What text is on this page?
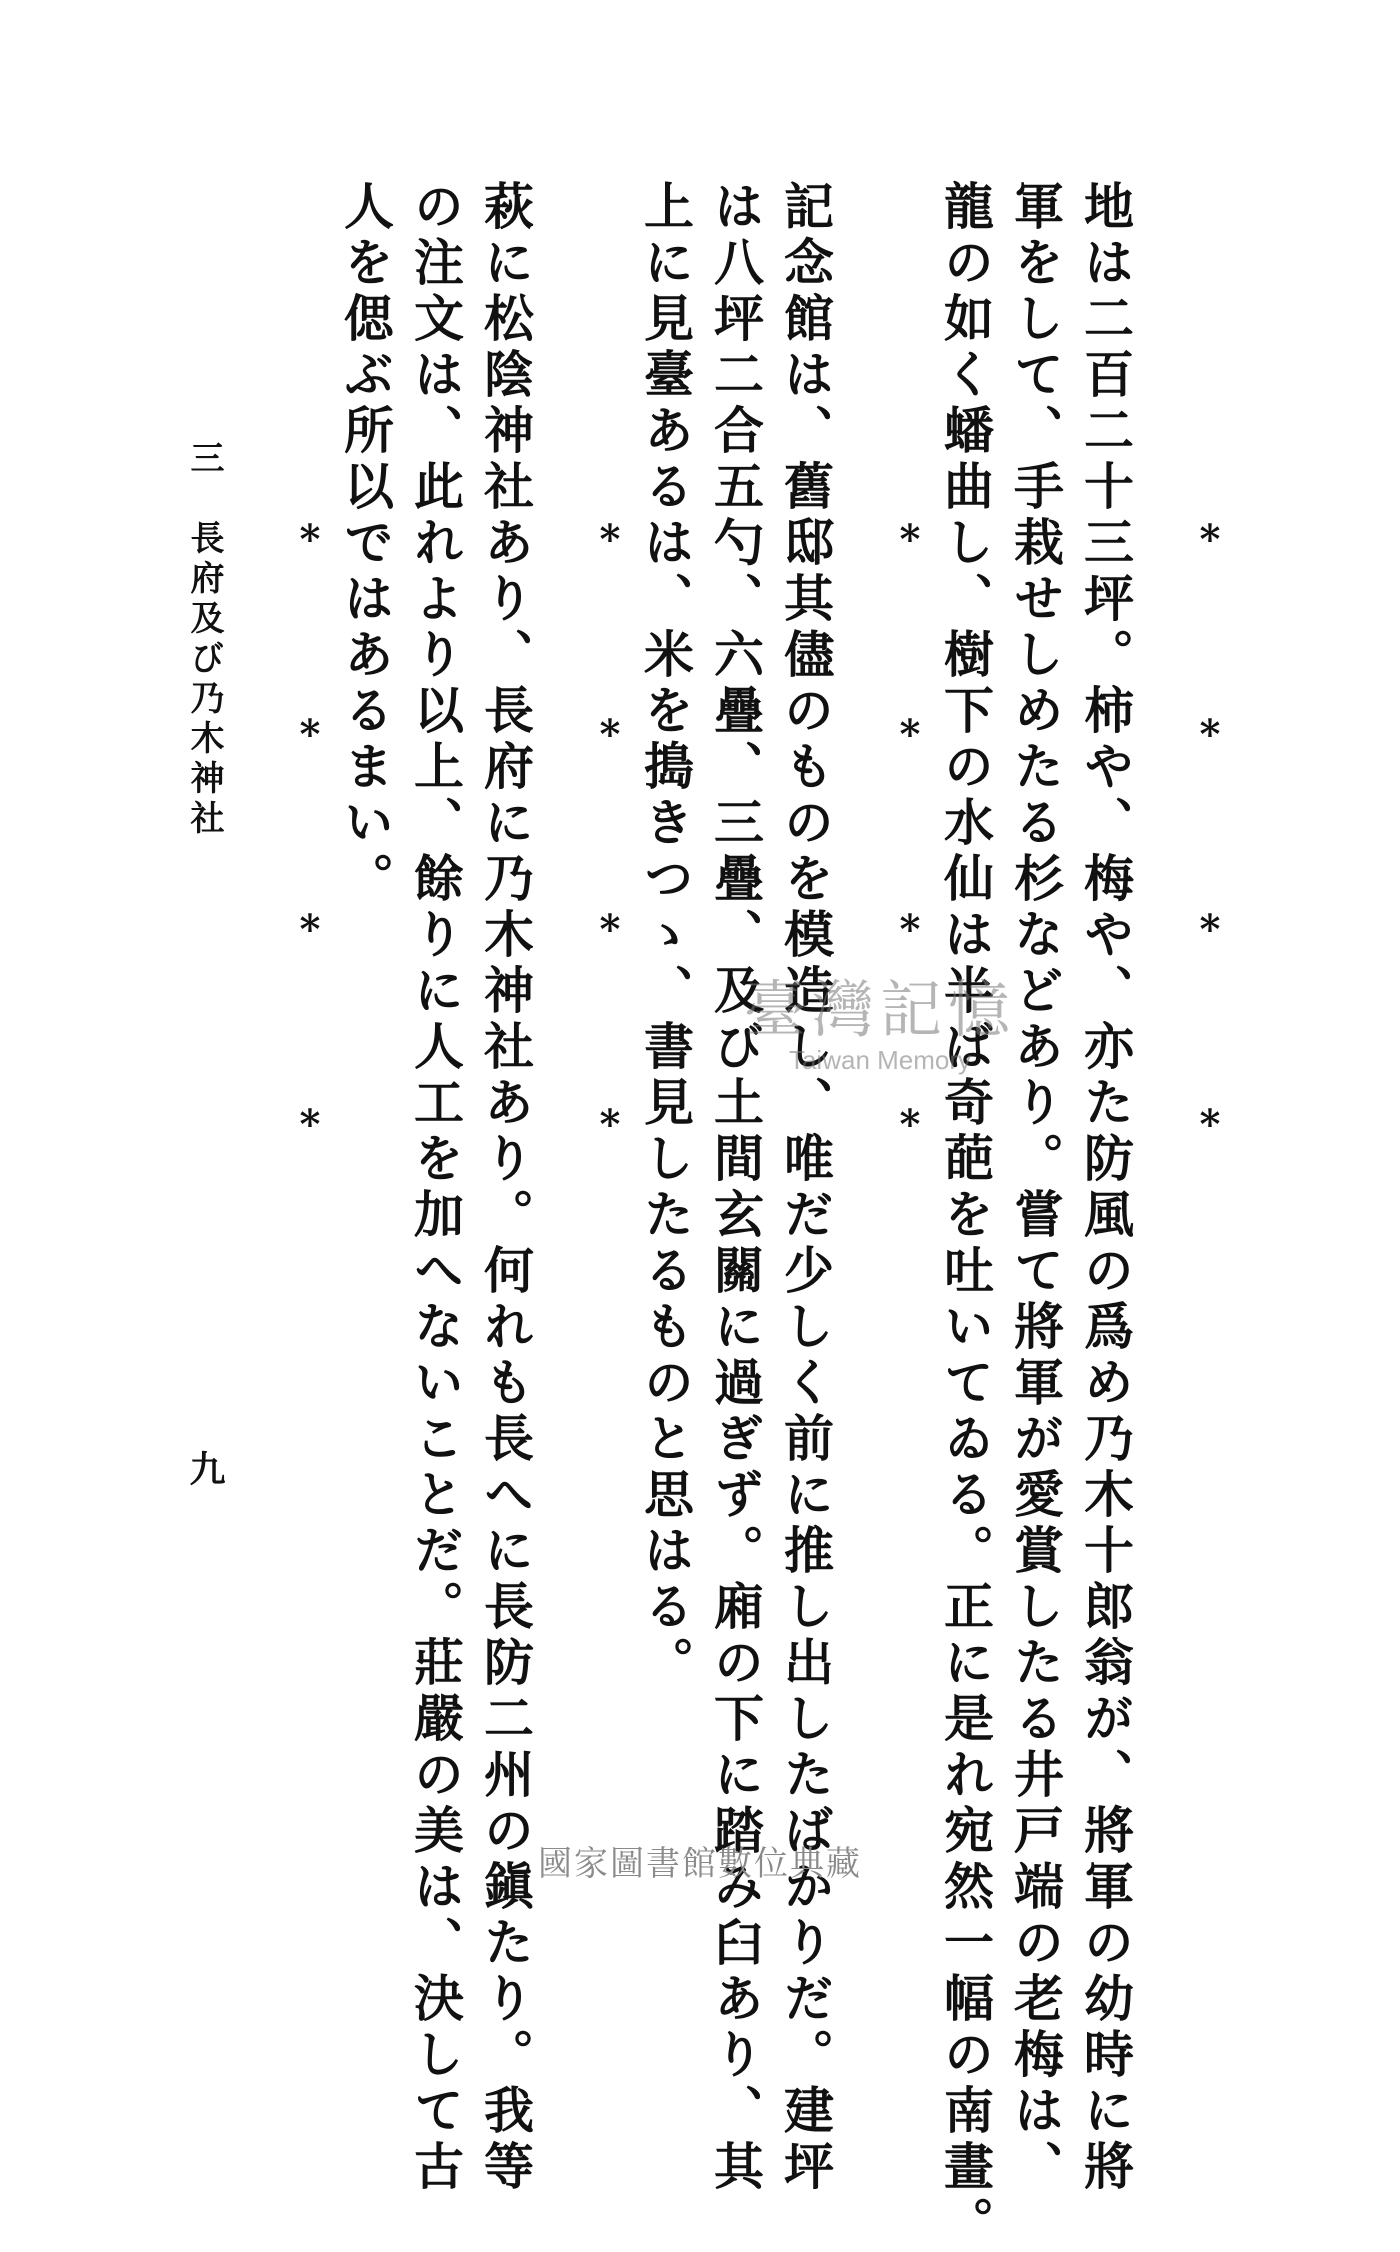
地は二百二十三坪。柿や、梅や、亦た防風の爲め乃木十郎翁が、將軍の幼時に將
軍をして、手栽せしめたる杉などあり。嘗て將軍が愛賞したる井戸端の老梅は、
龍の如く蟠曲し、樹下の水仙は半ば奇葩を吐いてゐる。正に是れ宛然一幅の南畫。
記念館は、舊邸其儘のものを模造し、唯だ少しく前に推し出したばかりだ。建坪
は八坪二合五勺、六疊、三疊、及び土間玄關に過ぎず。廂の下に踏み臼あり、其
上に見臺あるは、米を搗きつゝ、書見したるものと思はる。
萩に松陰神社あり、長府に乃木神社あり。何れも長へに長防二州の鎭たり。我等
の注文は、此れより以上、餘りに人工を加へないことだ。莊嚴の美は、決して古
人を偲ぶ所以ではあるまい。	*
*
*
*
*
*
*
*
*
*
*
*
*
*
*
*
三　長府及び乃木神社
九
臺灣記憶
Taiwan Memory
國家圖書館數位典藏
